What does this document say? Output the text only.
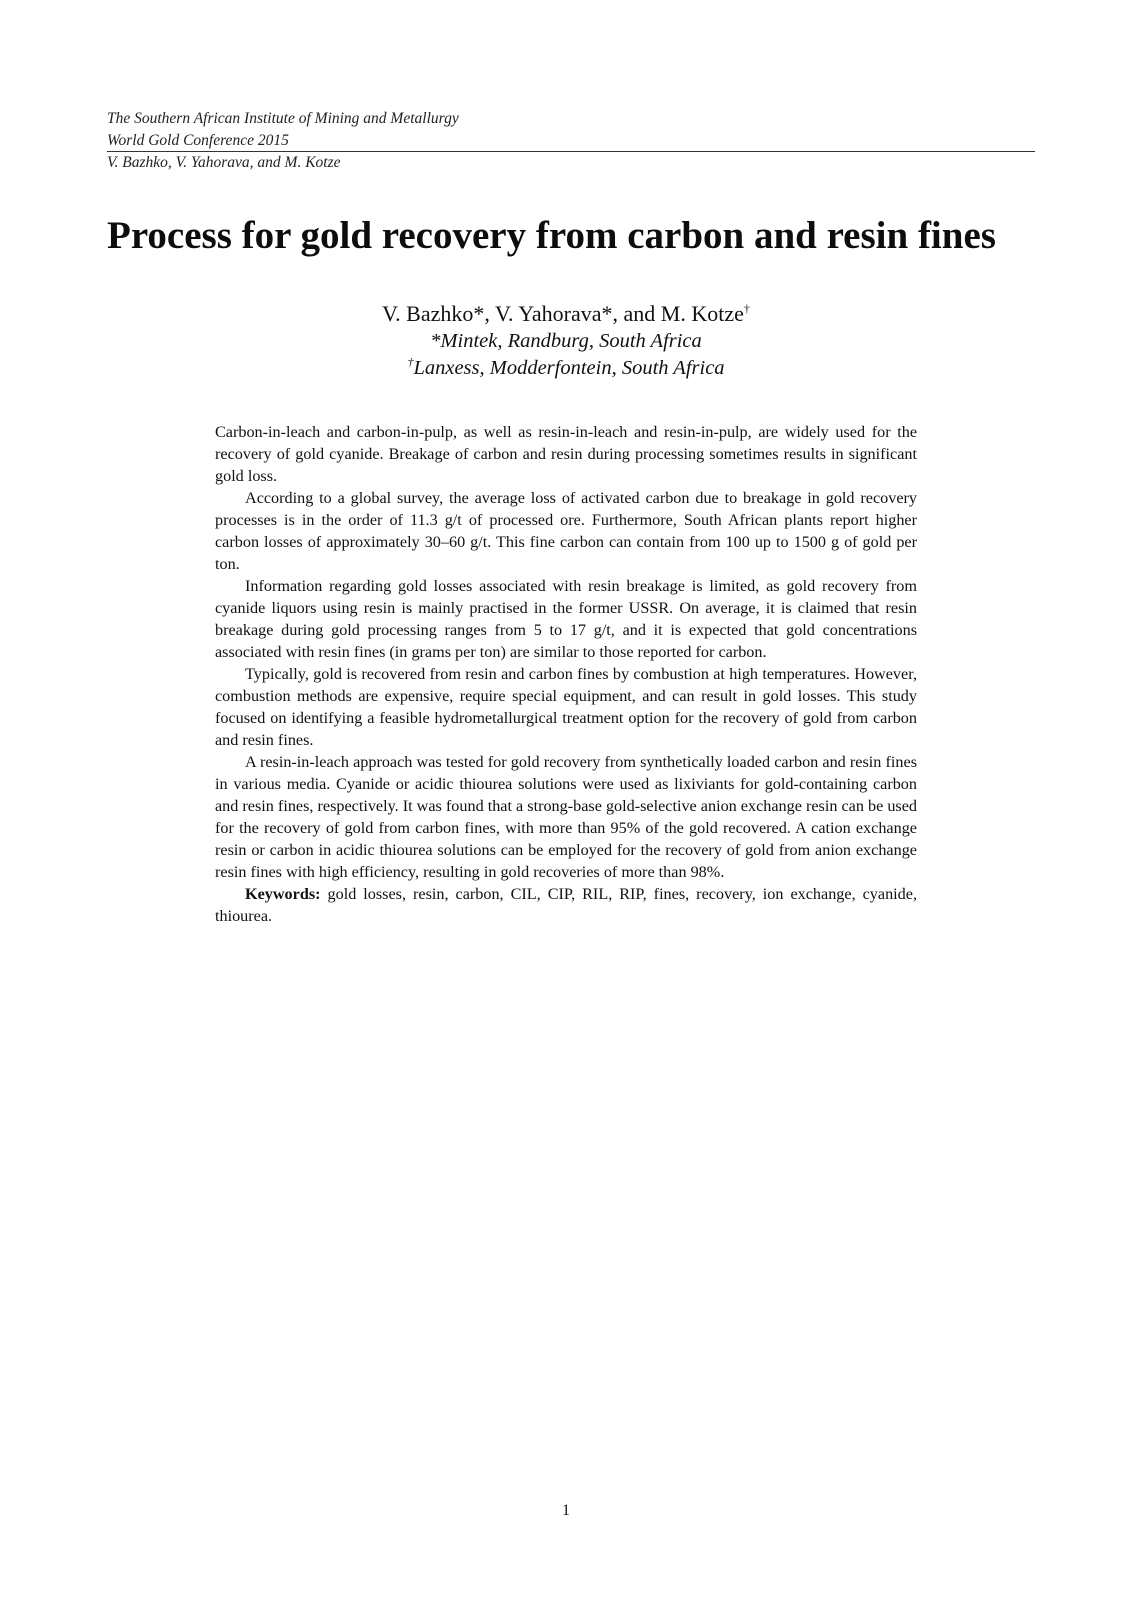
The Southern African Institute of Mining and Metallurgy
World Gold Conference 2015
V. Bazhko, V. Yahorava, and M. Kotze
Process for gold recovery from carbon and resin fines
V. Bazhko*, V. Yahorava*, and M. Kotze†
*Mintek, Randburg, South Africa
†Lanxess, Modderfontein, South Africa

Carbon-in-leach and carbon-in-pulp, as well as resin-in-leach and resin-in-pulp, are widely used for the recovery of gold cyanide. Breakage of carbon and resin during processing sometimes results in significant gold loss.

According to a global survey, the average loss of activated carbon due to breakage in gold recovery processes is in the order of 11.3 g/t of processed ore. Furthermore, South African plants report higher carbon losses of approximately 30–60 g/t. This fine carbon can contain from 100 up to 1500 g of gold per ton.

Information regarding gold losses associated with resin breakage is limited, as gold recovery from cyanide liquors using resin is mainly practised in the former USSR. On average, it is claimed that resin breakage during gold processing ranges from 5 to 17 g/t, and it is expected that gold concentrations associated with resin fines (in grams per ton) are similar to those reported for carbon.

Typically, gold is recovered from resin and carbon fines by combustion at high temperatures. However, combustion methods are expensive, require special equipment, and can result in gold losses. This study focused on identifying a feasible hydrometallurgical treatment option for the recovery of gold from carbon and resin fines.

A resin-in-leach approach was tested for gold recovery from synthetically loaded carbon and resin fines in various media. Cyanide or acidic thiourea solutions were used as lixiviants for gold-containing carbon and resin fines, respectively. It was found that a strong-base gold-selective anion exchange resin can be used for the recovery of gold from carbon fines, with more than 95% of the gold recovered. A cation exchange resin or carbon in acidic thiourea solutions can be employed for the recovery of gold from anion exchange resin fines with high efficiency, resulting in gold recoveries of more than 98%.

Keywords: gold losses, resin, carbon, CIL, CIP, RIL, RIP, fines, recovery, ion exchange, cyanide, thiourea.

1
